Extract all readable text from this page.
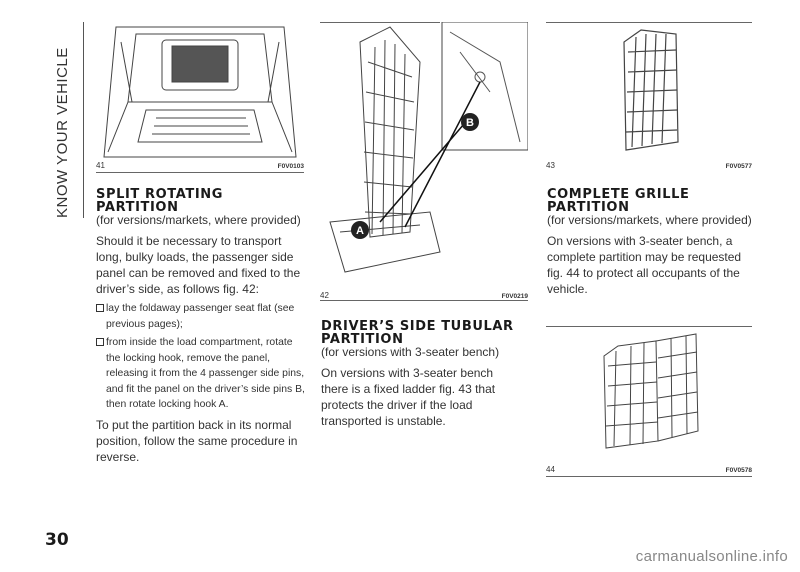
KNOW YOUR VEHICLE	41	F0V0103
B
A
42	F0V0219
43	F0V0577
44	F0V0578
SPLIT ROTATING PARTITION
(for versions/markets, where provided)
Should it be necessary to transport long, bulky loads, the passenger side panel can be removed and fixed to the driver’s side, as follows fig. 42:
lay the foldaway passenger seat flat (see previous pages);
from inside the load compartment, rotate the locking hook, remove the panel, releasing it from the 4 passenger side pins, and fit the panel on the driver’s side pins B, then rotate locking hook A.
To put the partition back in its normal position, follow the same procedure in reverse.
DRIVER’S SIDE TUBULAR PARTITION
(for versions with 3-seater bench)
On versions with 3-seater bench there is a fixed ladder fig. 43 that protects the driver if the load transported is unstable.
COMPLETE GRILLE PARTITION
(for versions/markets, where provided)
On versions with 3-seater bench, a complete partition may be requested fig. 44 to protect all occupants of the vehicle.
30
carmanualsonline.info
